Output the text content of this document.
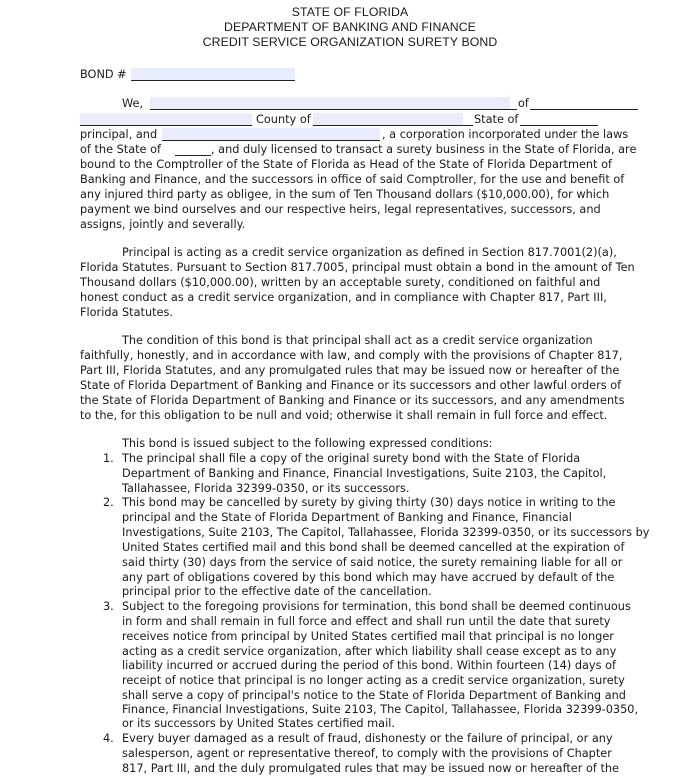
STATE OF FLORIDA
DEPARTMENT OF BANKING AND FINANCE
CREDIT SERVICE ORGANIZATION SURETY BOND
BOND #
We,	of
County of	State of
principal, and	, a corporation incorporated under the laws
of the State of	, and duly licensed to transact a surety business in the State of Florida, are
bound to the Comptroller of the State of Florida as Head of the State of Florida Department of
Banking and Finance, and the successors in office of said Comptroller, for the use and benefit of
any injured third party as obligee, in the sum of Ten Thousand dollars ($10,000.00), for which
payment we bind ourselves and our respective heirs, legal representatives, successors, and
assigns, jointly and severally.
Principal is acting as a credit service organization as defined in Section 817.7001(2)(a),
Florida Statutes. Pursuant to Section 817.7005, principal must obtain a bond in the amount of Ten
Thousand dollars ($10,000.00), written by an acceptable surety, conditioned on faithful and
honest conduct as a credit service organization, and in compliance with Chapter 817, Part III,
Florida Statutes.
The condition of this bond is that principal shall act as a credit service organization
faithfully, honestly, and in accordance with law, and comply with the provisions of Chapter 817,
Part III, Florida Statutes, and any promulgated rules that may be issued now or hereafter of the
State of Florida Department of Banking and Finance or its successors and other lawful orders of
the State of Florida Department of Banking and Finance or its successors, and any amendments
to the, for this obligation to be null and void; otherwise it shall remain in full force and effect.
This bond is issued subject to the following expressed conditions:
1. The principal shall file a copy of the original surety bond with the State of Florida
Department of Banking and Finance, Financial Investigations, Suite 2103, the Capitol,
Tallahassee, Florida 32399-0350, or its successors.
2. This bond may be cancelled by surety by giving thirty (30) days notice in writing to the
principal and the State of Florida Department of Banking and Finance, Financial
Investigations, Suite 2103, The Capitol, Tallahassee, Florida 32399-0350, or its successors by
United States certified mail and this bond shall be deemed cancelled at the expiration of
said thirty (30) days from the service of said notice, the surety remaining liable for all or
any part of obligations covered by this bond which may have accrued by default of the
principal prior to the effective date of the cancellation.
3. Subject to the foregoing provisions for termination, this bond shall be deemed continuous
in form and shall remain in full force and effect and shall run until the date that surety
receives notice from principal by United States certified mail that principal is no longer
acting as a credit service organization, after which liability shall cease except as to any
liability incurred or accrued during the period of this bond. Within fourteen (14) days of
receipt of notice that principal is no longer acting as a credit service organization, surety
shall serve a copy of principal's notice to the State of Florida Department of Banking and
Finance, Financial Investigations, Suite 2103, The Capitol, Tallahassee, Florida 32399-0350,
or its successors by United States certified mail.
4. Every buyer damaged as a result of fraud, dishonesty or the failure of principal, or any
salesperson, agent or representative thereof, to comply with the provisions of Chapter
817, Part III, and the duly promulgated rules that may be issued now or hereafter of the
